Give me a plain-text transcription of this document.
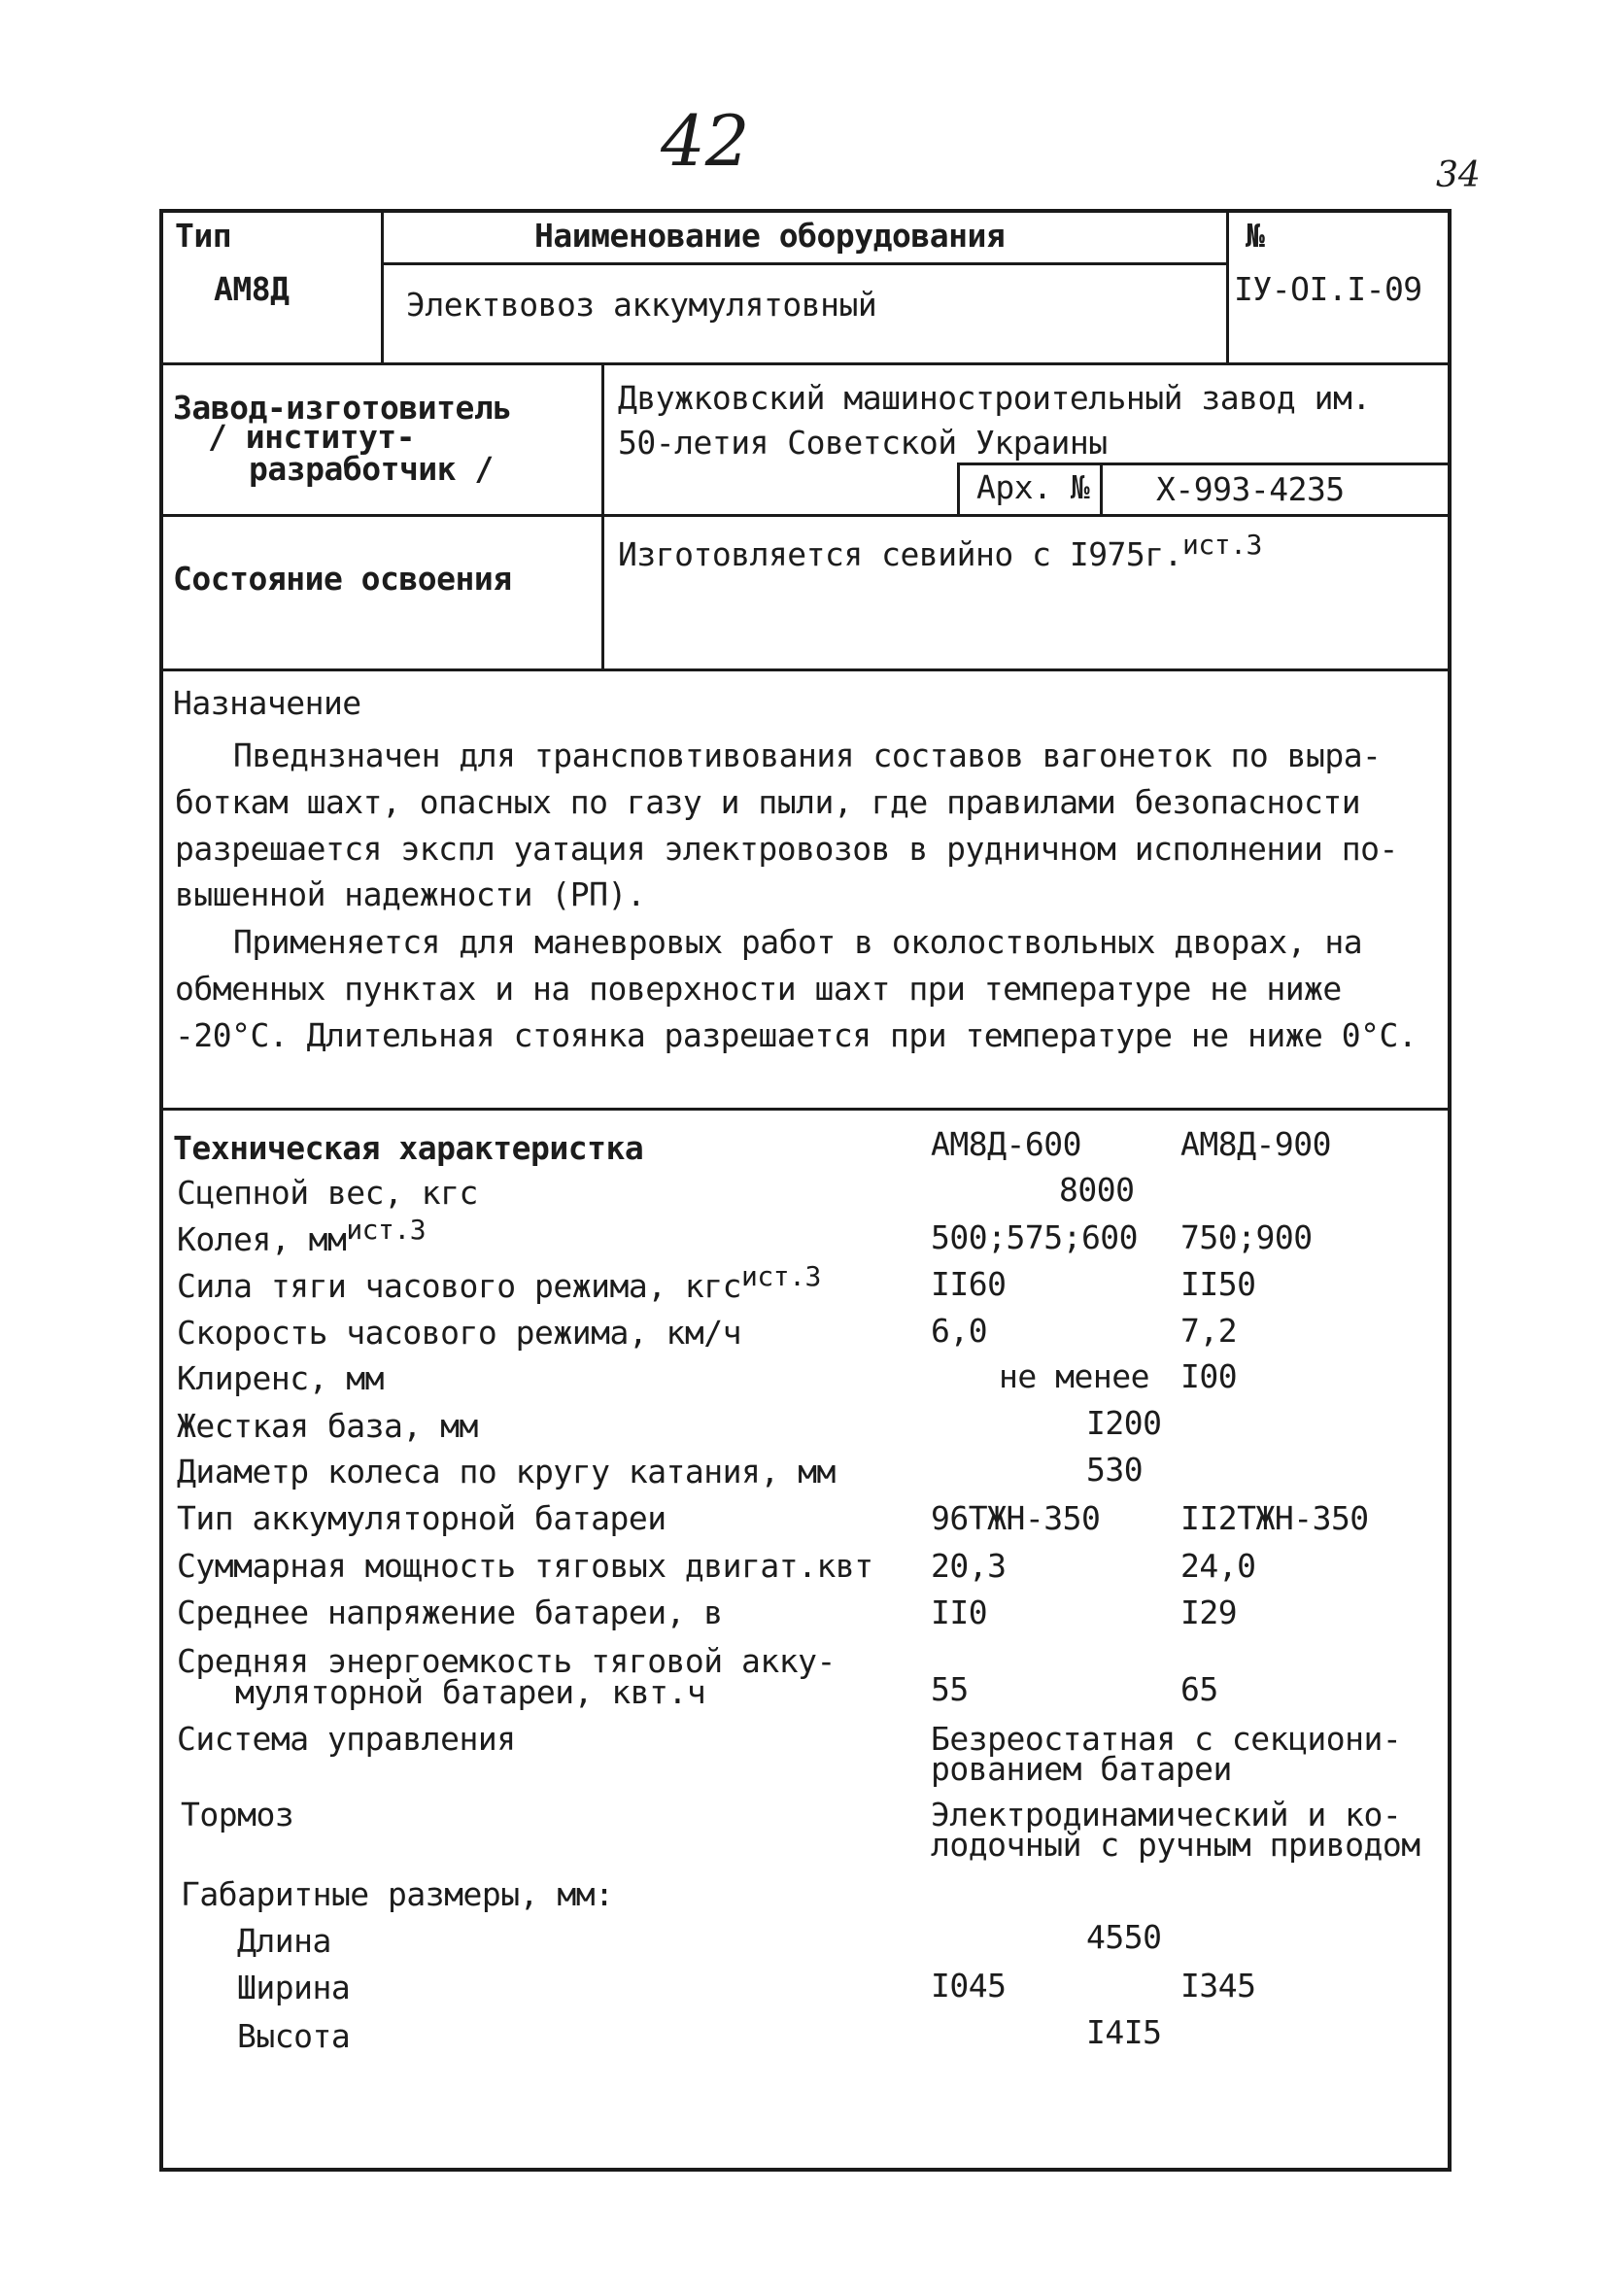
42	34
Тип
АМ8Д
Наименование оборудования
Электвовоз аккумулятовный
№
IУ-OI.I-09
Завод-изготовитель
/ институт-
разработчик /
Двужковский машиностроительный завод им.
50-летия Советской Украины
Арх. № Х-993-4235
Состояние освоения
Изготовляется севийно с I975г.$^{ист.3}$
Назначение
Пведнзначен для трансповтивования составов вагонеток по выра-
боткам шахт, опасных по газу и пыли, где правилами безопасности
разрешается экспл уатация электровозов в рудничном исполнении по-
вышенной надежности (РП).
Применяется для маневровых работ в околоствольных дворах, на
обменных пунктах и на поверхности шахт при температуре не ниже
-20°С. Длительная стоянка разрешается при температуре не ниже 0°С.
Техническая характеристка	АМ8Д-600	АМ8Д-900
Сцепной вес, кгс	8000
Колея, $мм^{ист.3}$	500;575;600 750;900
Сила тяги часового режима, кгс$^{ист.3}$	II60	II50
Скорость часового режима, км/ч	6,0	7,2
Клиренс, мм	не менее I00
Жесткая база, мм	I200
Диаметр колеса по кругу катания, мм	530
Тип аккумуляторной батареи	96ТЖН-350	II2ТЖН-350
Суммарная мощность тяговых двигат.квт 20,3	24,0
Среднее напряжение батареи, в	II0	I29
Средняя энергоемкость тяговой акку-
муляторной батареи, квт.ч	55	65
Система управления	Безреостатная с секциони-
рованием батареи
Тормоз	Электродинамический и ко-
лодочный с ручным приводом
Габаритные размеры, мм:
Длина	4550
Ширина	I045	I345
Высота	I4I5
